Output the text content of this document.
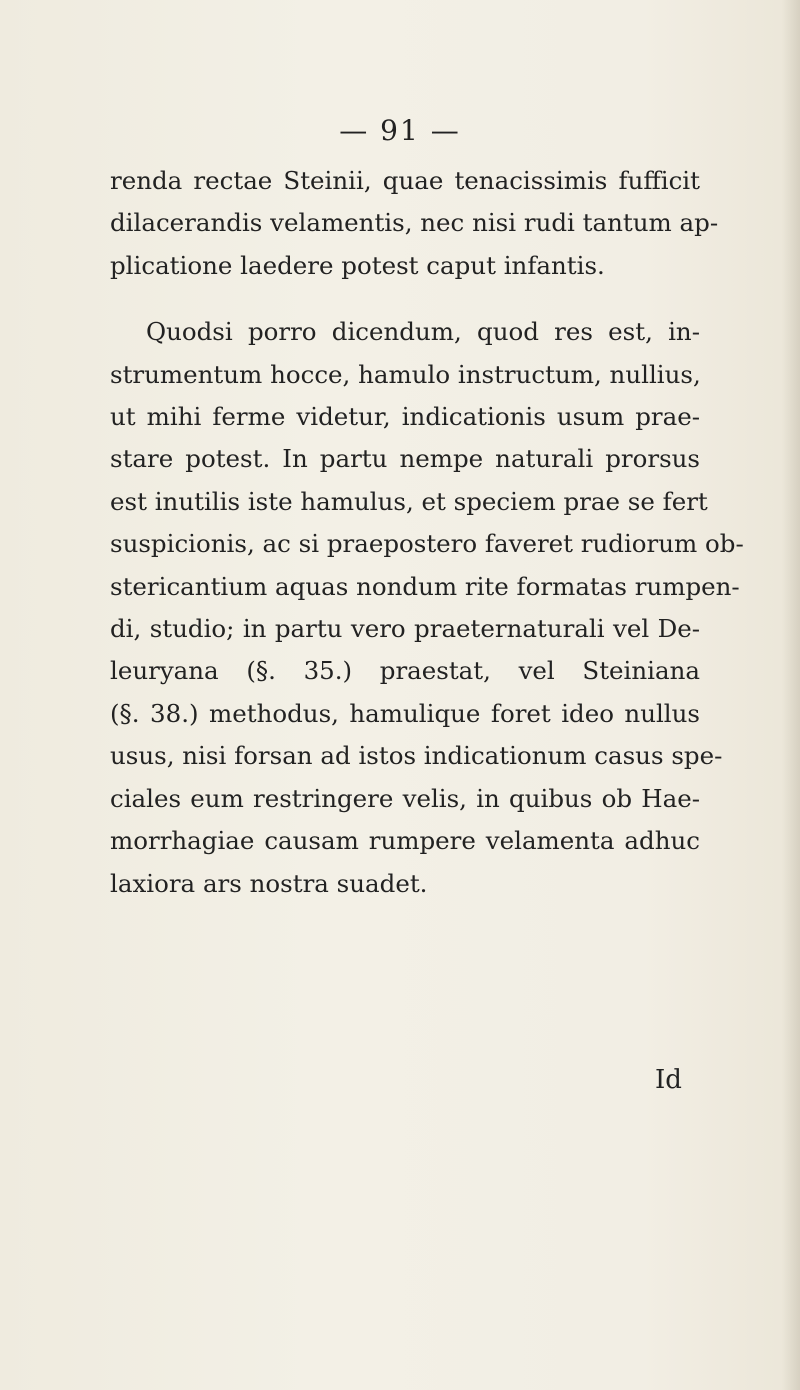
— 91 —
renda rectae Steinii, quae tenacissimis fufficit
dilacerandis velamentis, nec nisi rudi tantum ap-
plicatione laedere potest caput infantis.
Quodsi porro dicendum, quod res est, in-
strumentum hocce, hamulo instructum, nullius,
ut mihi ferme videtur, indicationis usum prae-
stare potest. In partu nempe naturali prorsus
est inutilis iste hamulus, et speciem prae se fert
suspicionis, ac si praepostero faveret rudiorum ob-
stericantium aquas nondum rite formatas rumpen-
di, studio; in partu vero praeternaturali vel De-
leuryana (§. 35.) praestat, vel Steiniana
(§. 38.) methodus, hamulique foret ideo nullus
usus, nisi forsan ad istos indicationum casus spe-
ciales eum restringere velis, in quibus ob Hae-
morrhagiae causam rumpere velamenta adhuc
laxiora ars nostra suadet.
Id
